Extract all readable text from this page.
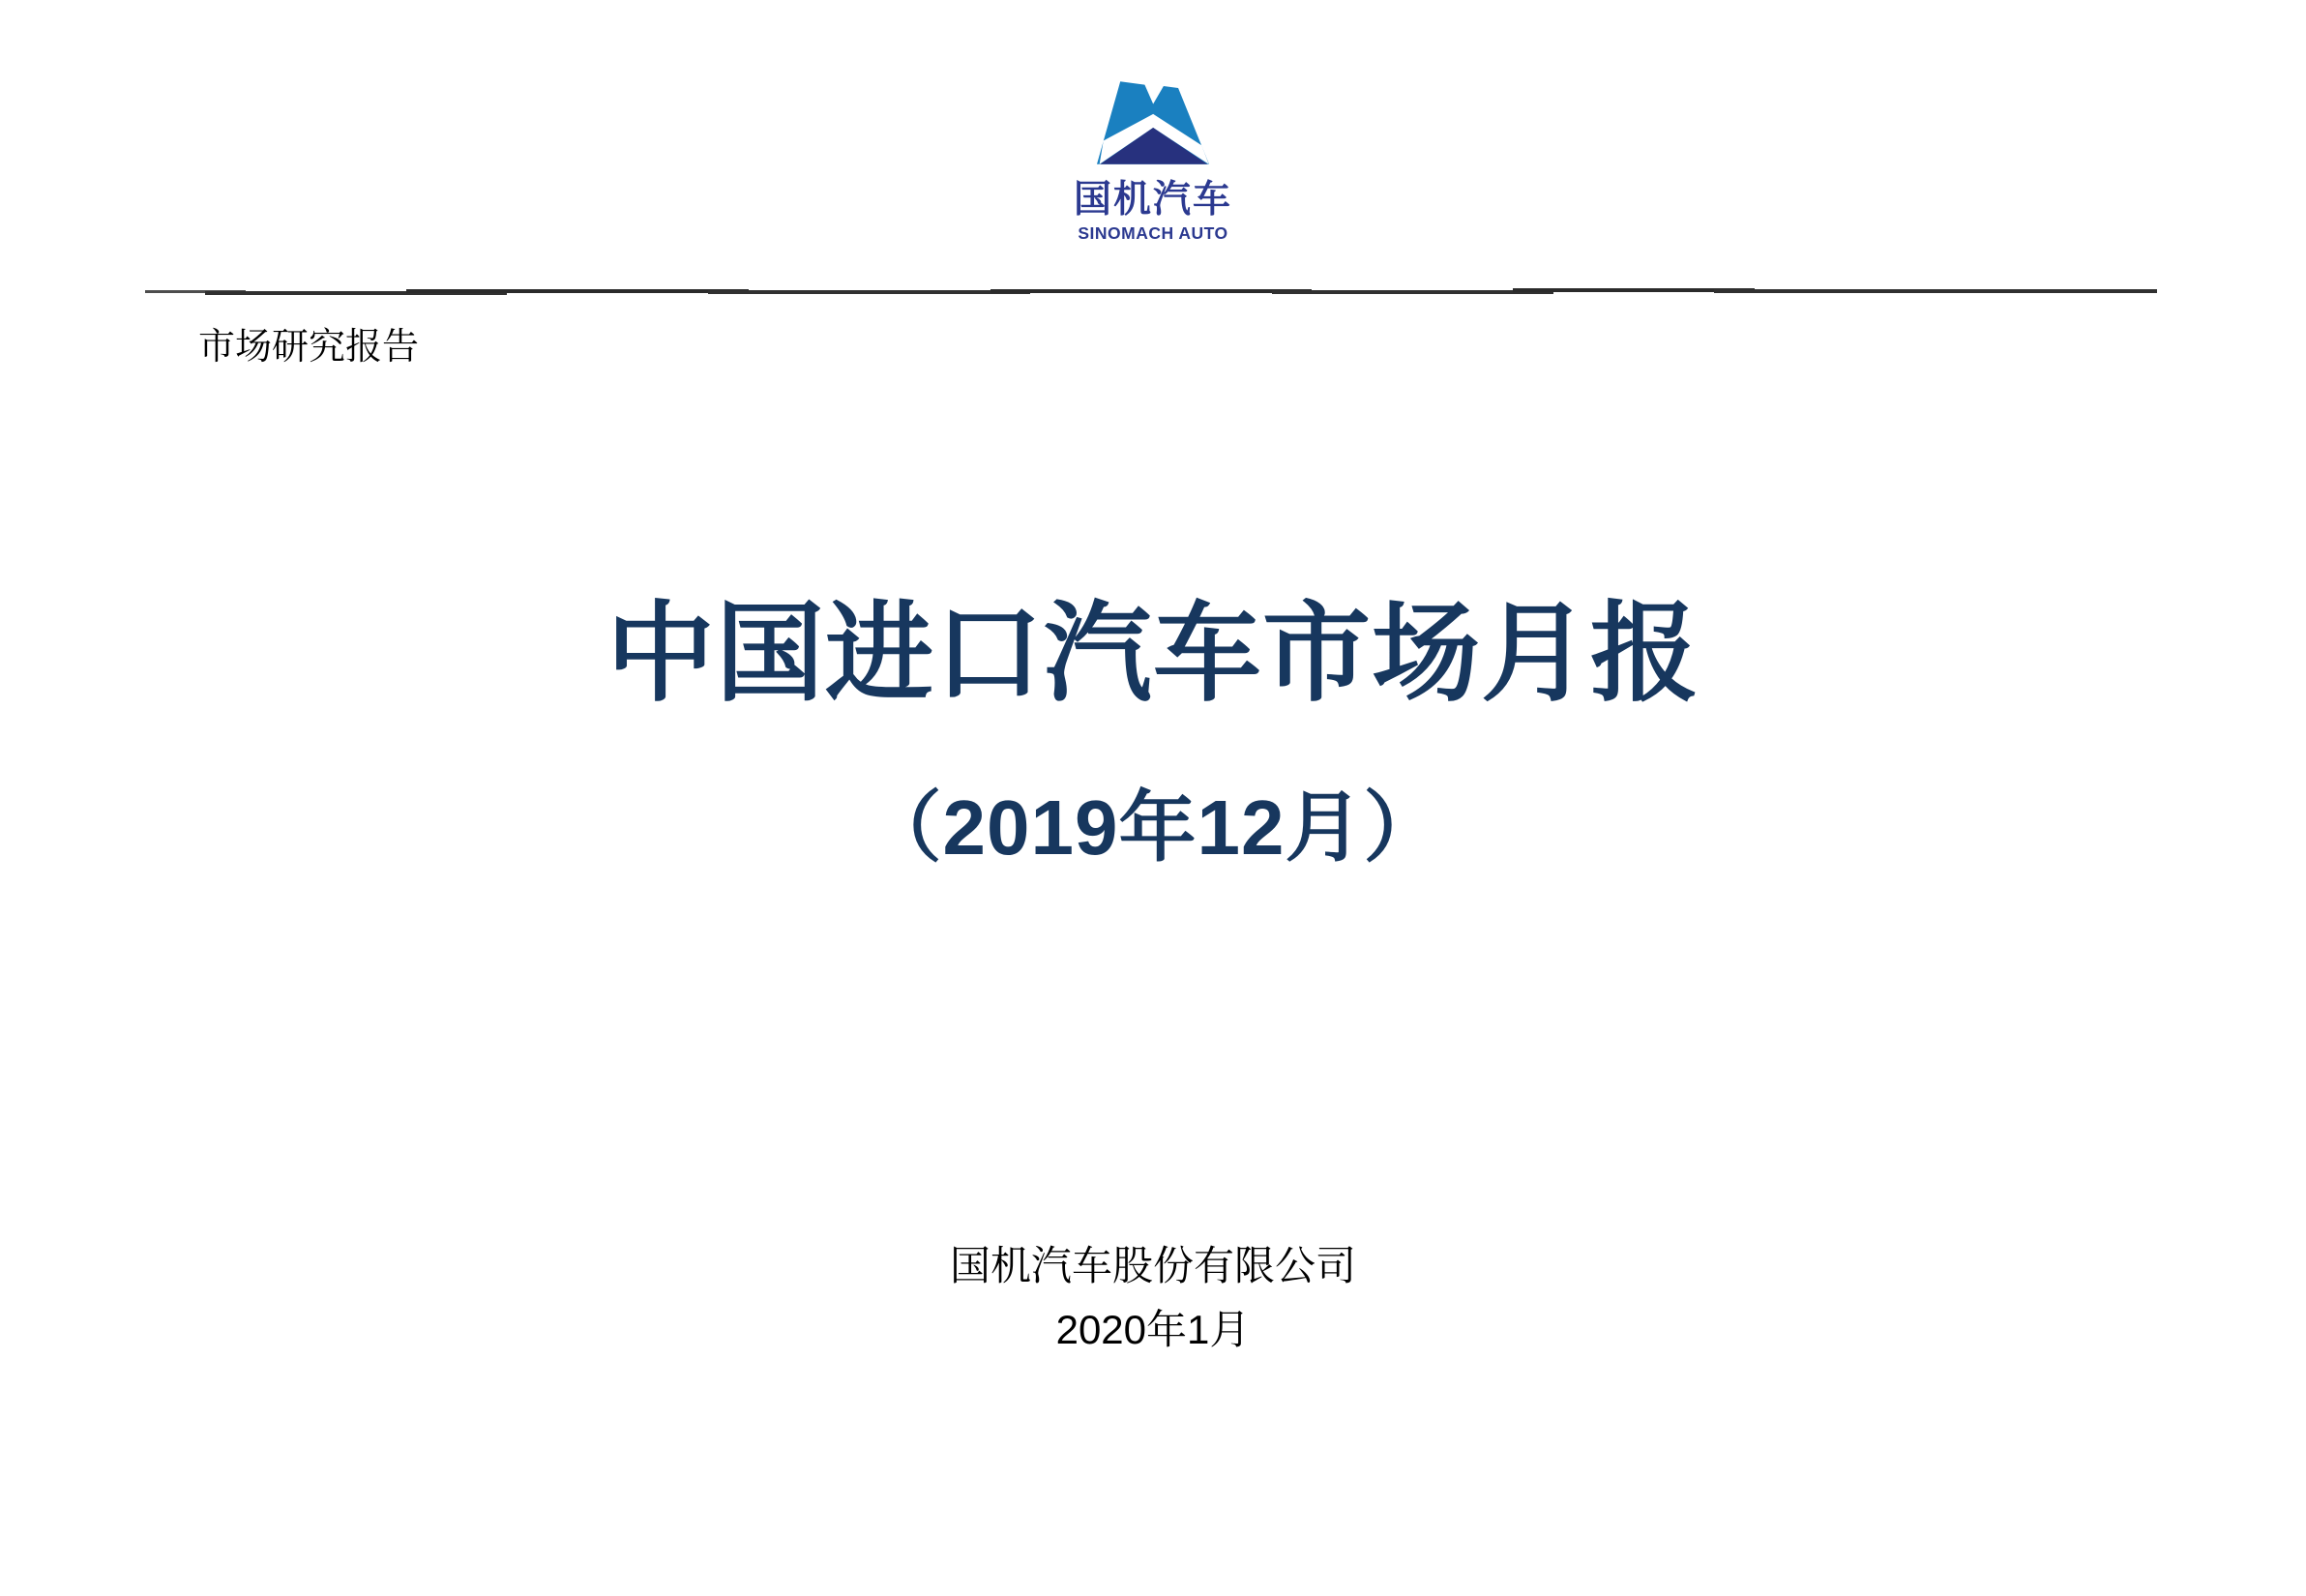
国机汽车
SINOMACH AUTO
市场研究报告
中国进口汽车市场月报
（2019年12月）
国机汽车股份有限公司
2020年1月
